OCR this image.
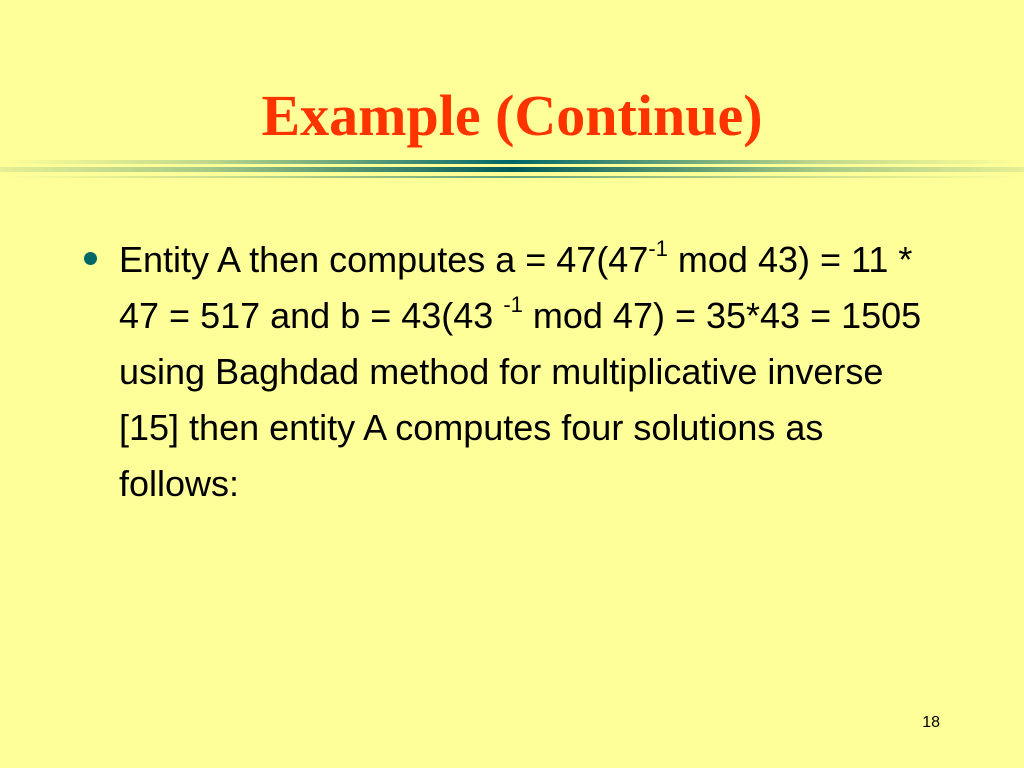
Example (Continue)
Entity A then computes $a = 47(47^{-1}$ mod 43) = 11 * 47 = 517 and b = 43(43 $^{-1}$ mod 47) = 35*43 = 1505 using Baghdad method for multiplicative inverse [15] then entity A computes four solutions as follows:
18
